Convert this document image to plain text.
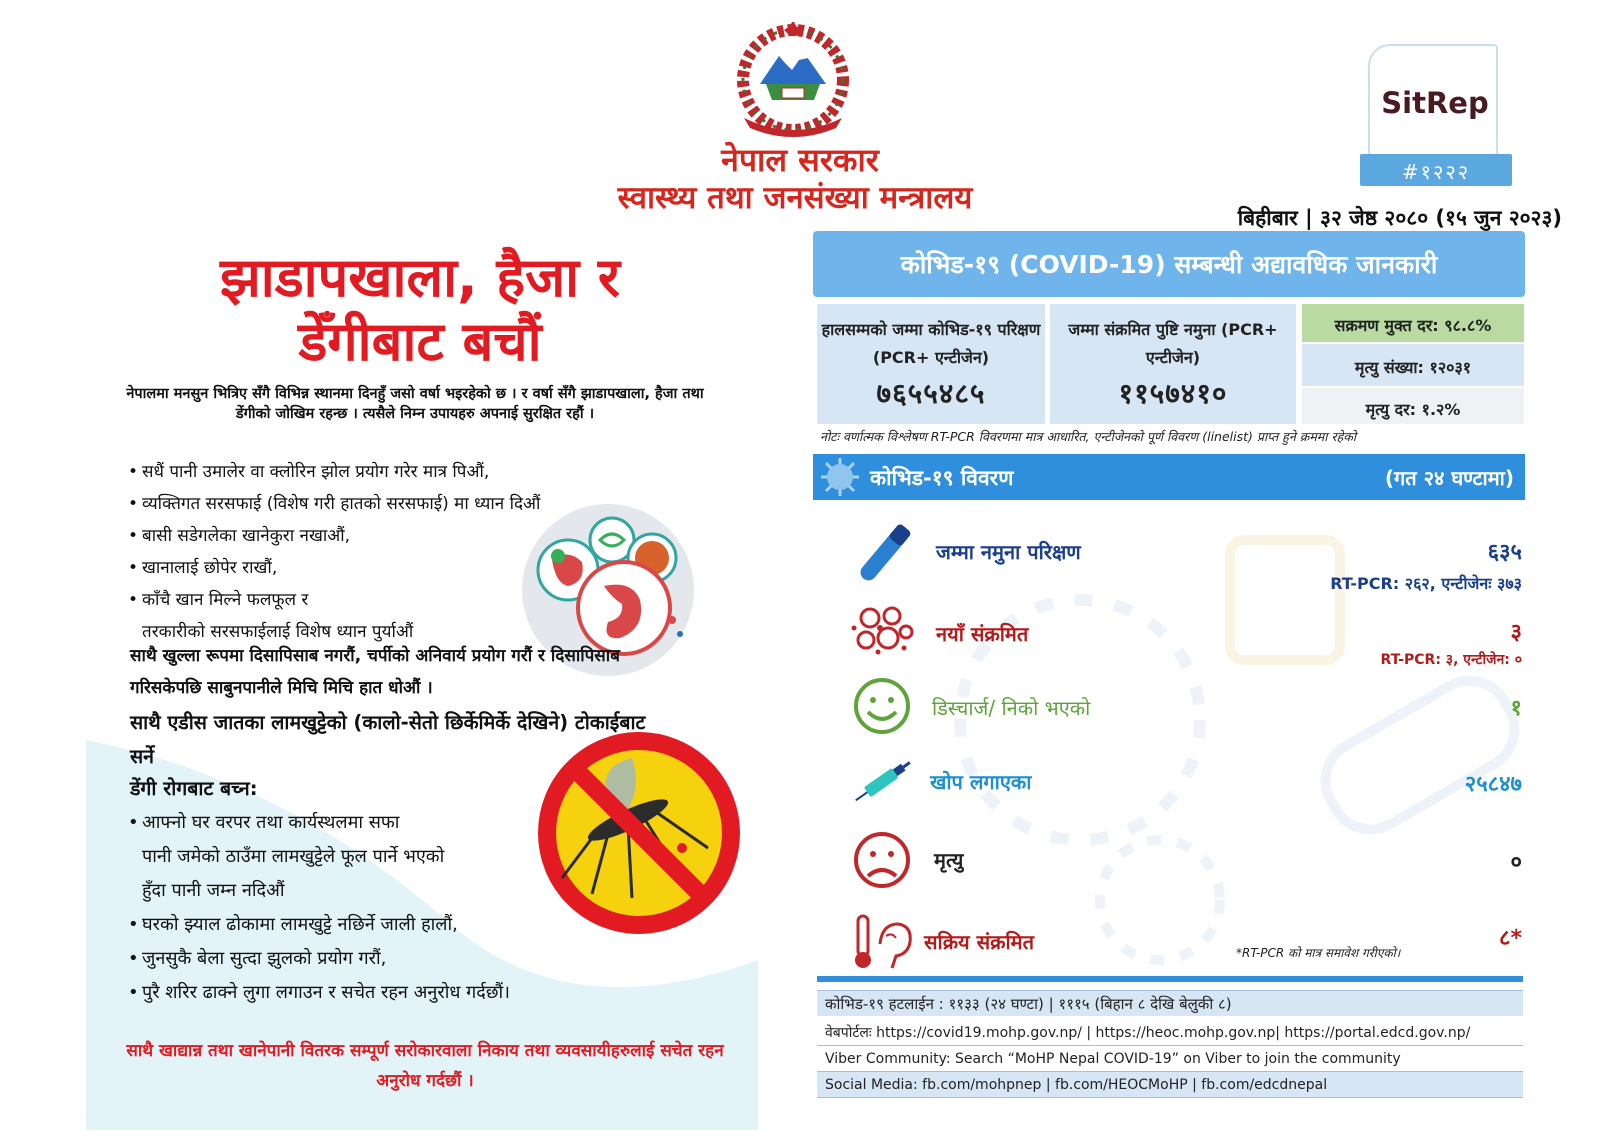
नेपाल सरकार
स्वास्थ्य तथा जनसंख्या मन्त्रालय
SitRep
#१२२२
बिहीबार | ३२ जेष्ठ २०८० (१५ जुन २०२३)
झाडापखाला, हैजा र
डेँगीबाट बचौं
नेपालमा मनसुन भित्रिए सँगै विभिन्न स्थानमा दिनहुँ जसो वर्षा भइरहेको छ । र वर्षा सँगै झाडापखाला, हैजा तथा डेंगीको जोखिम रहन्छ । त्यसैले निम्न उपायहरु अपनाई सुरक्षित रहौं ।
• सधैं पानी उमालेर वा क्लोरिन झोल प्रयोग गरेर मात्र पिऔं,
• व्यक्तिगत सरसफाई (विशेष गरी हातको सरसफाई) मा ध्यान दिऔं
• बासी सडेगलेका खानेकुरा नखाऔं,
• खानालाई छोपेर राखौं,
• काँचै खान मिल्ने फलफूल र
तरकारीको सरसफाईलाई विशेष ध्यान पुर्याऔं
साथै खुल्ला रूपमा दिसापिसाब नगरौं, चर्पीको अनिवार्य प्रयोग गरौं र दिसापिसाब गरिसकेपछि साबुनपानीले मिचि मिचि हात धोऔं ।
साथै एडीस जातका लामखुट्टेको (कालो-सेतो छिर्केमिर्के देखिने) टोकाईबाट सर्ने
डेंगी रोगबाट बच्न:
• आफ्नो घर वरपर तथा कार्यस्थलमा सफा
पानी जमेको ठाउँमा लामखुट्टेले फूल पार्ने भएको
हुँदा पानी जम्न नदिऔं
• घरको झ्याल ढोकामा लामखुट्टे नछिर्ने जाली हालौं,
• जुनसुकै बेला सुत्दा झुलको प्रयोग गरौं,
• पुरै शरिर ढाक्ने लुगा लगाउन र सचेत रहन अनुरोध गर्दछौं।
साथै खाद्यान्न तथा खानेपानी वितरक सम्पूर्ण सरोकारवाला निकाय तथा व्यवसायीहरुलाई सचेत रहन अनुरोध गर्दछौं ।
कोभिड-१९ (COVID-19) सम्बन्धी अद्यावधिक जानकारी
हालसम्मको जम्मा कोभिड-१९ परिक्षण (PCR+ एन्टीजेन)
७६५५४८५
जम्मा संक्रमित पुष्टि नमुना (PCR+ एन्टीजेन)
११५७४१०
सक्रमण मुक्त दर: ९८.८%
मृत्यु संख्या: १२०३१
मृत्यु दर: १.२%
नोटः वर्णात्मक विश्लेषण RT-PCR विवरणमा मात्र आधारित, एन्टीजेनको पूर्ण विवरण (linelist) प्राप्त हुने क्रममा रहेको
कोभिड-१९ विवरण	(गत २४ घण्टामा)
जम्मा नमुना परिक्षण	६३५
RT-PCR: २६२, एन्टीजेनः ३७३
नयाँ संक्रमित	३
RT-PCR: ३, एन्टीजेन: ०
डिस्चार्ज/ निको भएको	१
खोप लगाएका	२५८४७
मृत्यु	०
सक्रिय संक्रमित	८*
*RT-PCR को मात्र समावेश गरीएको।
कोभिड-१९ हटलाईन : ११३३ (२४ घण्टा) | १११५ (बिहान ८ देखि बेलुकी ८)
वेबपोर्टलः https://covid19.mohp.gov.np/ | https://heoc.mohp.gov.np| https://portal.edcd.gov.np/
Viber Community: Search “MoHP Nepal COVID-19” on Viber to join the community
Social Media: fb.com/mohpnep | fb.com/HEOCMoHP | fb.com/edcdnepal
